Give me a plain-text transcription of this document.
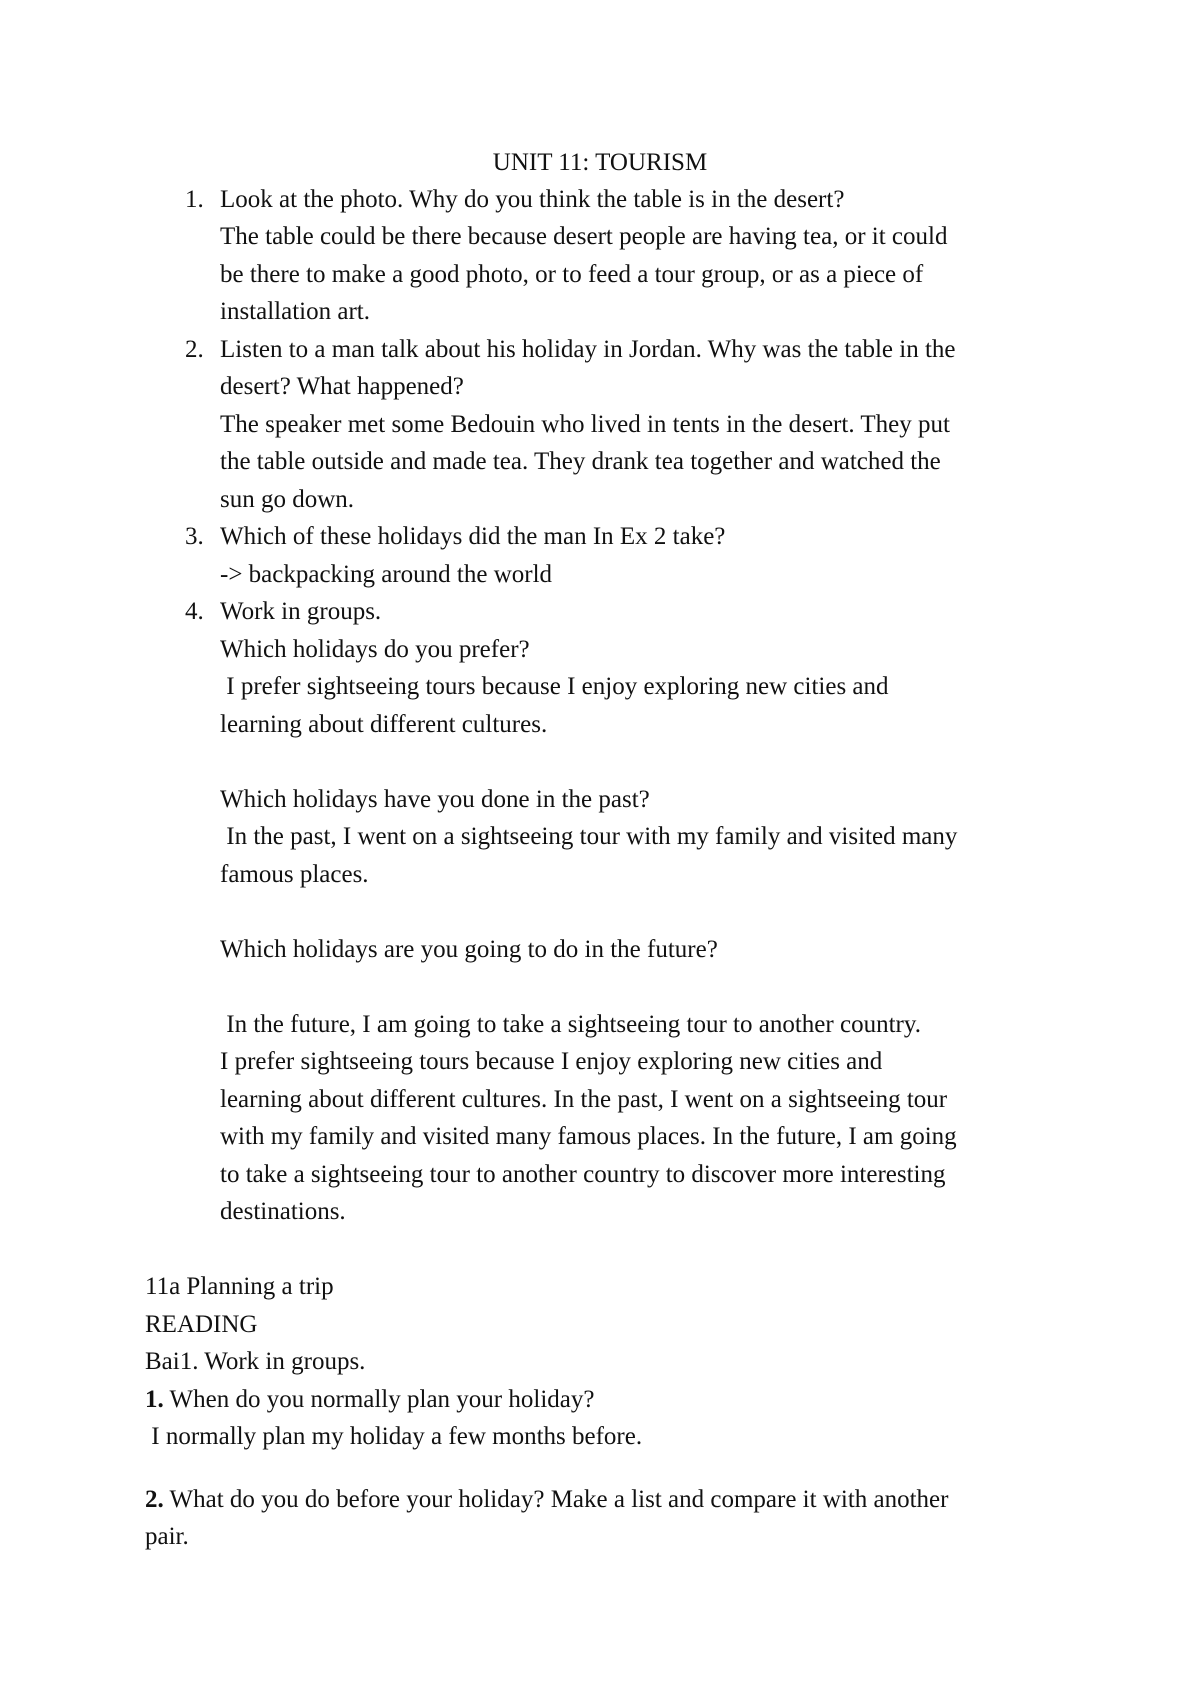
UNIT 11: TOURISM
1. Look at the photo. Why do you think the table is in the desert?
The table could be there because desert people are having tea, or it could
be there to make a good photo, or to feed a tour group, or as a piece of
installation art.
2. Listen to a man talk about his holiday in Jordan. Why was the table in the
desert? What happened?
The speaker met some Bedouin who lived in tents in the desert. They put
the table outside and made tea. They drank tea together and watched the
sun go down.
3. Which of these holidays did the man In Ex 2 take?
-> backpacking around the world
4. Work in groups.
Which holidays do you prefer?
I prefer sightseeing tours because I enjoy exploring new cities and
learning about different cultures.
Which holidays have you done in the past?
In the past, I went on a sightseeing tour with my family and visited many
famous places.
Which holidays are you going to do in the future?
In the future, I am going to take a sightseeing tour to another country.
I prefer sightseeing tours because I enjoy exploring new cities and
learning about different cultures. In the past, I went on a sightseeing tour
with my family and visited many famous places. In the future, I am going
to take a sightseeing tour to another country to discover more interesting
destinations.
11a Planning a trip
READING
Bai1. Work in groups.
1. When do you normally plan your holiday?
I normally plan my holiday a few months before.
2. What do you do before your holiday? Make a list and compare it with another
pair.
